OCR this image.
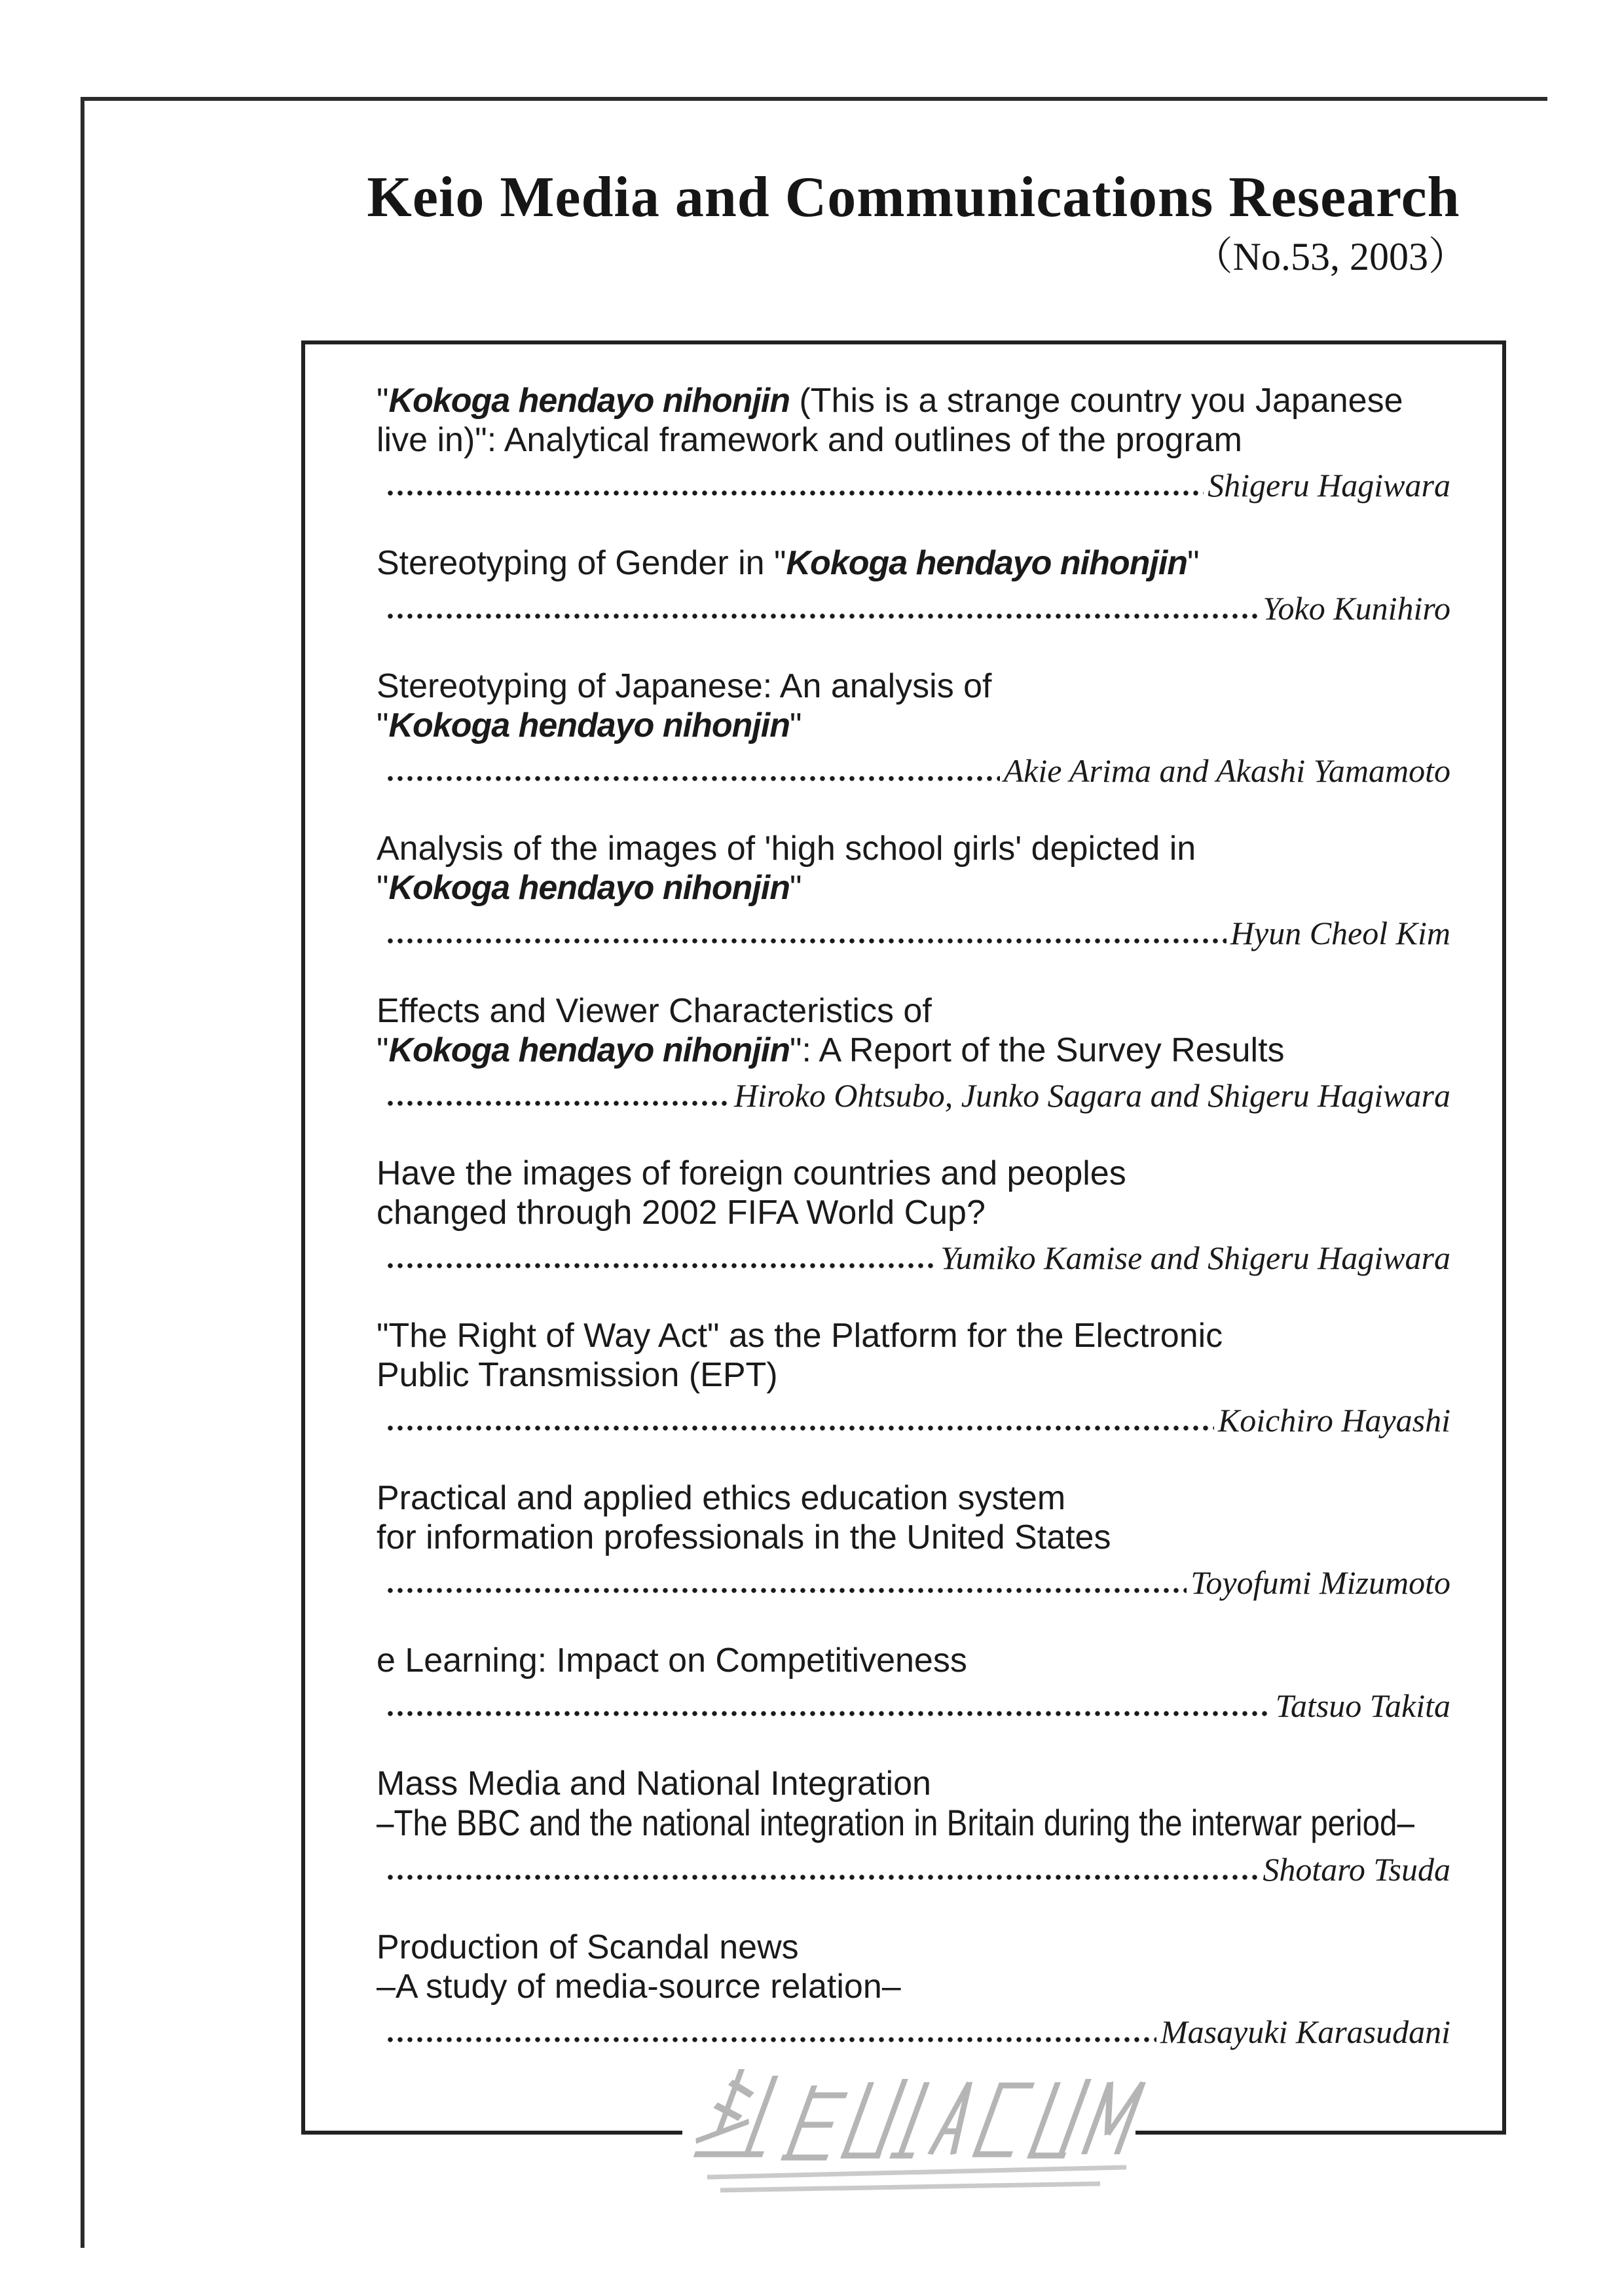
Keio Media and Communications Research
（No.53, 2003）
"Kokoga hendayo nihonjin (This is a strange country you Japanese
live in)": Analytical framework and outlines of the program
Shigeru Hagiwara
Stereotyping of Gender in "Kokoga hendayo nihonjin"
Yoko Kunihiro
Stereotyping of Japanese: An analysis of
"Kokoga hendayo nihonjin"
Akie Arima and Akashi Yamamoto
Analysis of the images of 'high school girls' depicted in
"Kokoga hendayo nihonjin"
Hyun Cheol Kim
Effects and Viewer Characteristics of
"Kokoga hendayo nihonjin": A Report of the Survey Results
Hiroko Ohtsubo, Junko Sagara and Shigeru Hagiwara
Have the images of foreign countries and peoples
changed through 2002 FIFA World Cup?
Yumiko Kamise and Shigeru Hagiwara
"The Right of Way Act" as the Platform for the Electronic
Public Transmission (EPT)
Koichiro Hayashi
Practical and applied ethics education system
for information professionals in the United States
Toyofumi Mizumoto
e Learning: Impact on Competitiveness
Tatsuo Takita
Mass Media and National Integration
–The BBC and the national integration in Britain during the interwar period–
Shotaro Tsuda
Production of Scandal news
–A study of media-source relation–
Masayuki Karasudani
